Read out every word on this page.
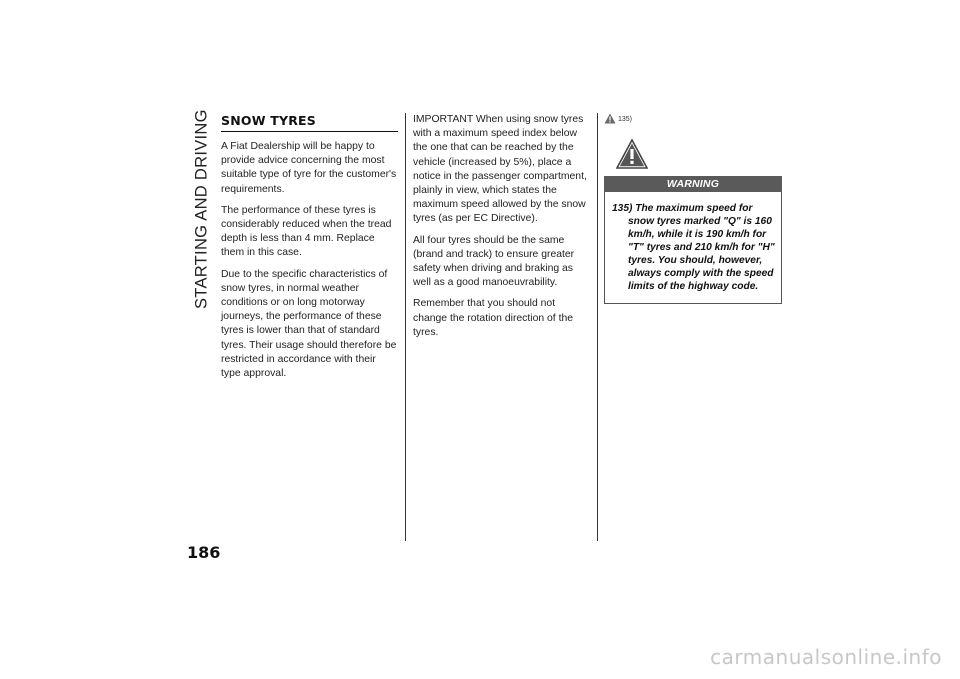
STARTING AND DRIVING SNOW TYRES

A Fiat Dealership will be happy to provide advice concerning the most suitable type of tyre for the customer's requirements.

The performance of these tyres is considerably reduced when the tread depth is less than 4 mm. Replace them in this case.

Due to the specific characteristics of snow tyres, in normal weather conditions or on long motorway journeys, the performance of these tyres is lower than that of standard tyres. Their usage should therefore be restricted in accordance with their type approval.

IMPORTANT When using snow tyres with a maximum speed index below the one that can be reached by the vehicle (increased by 5%), place a notice in the passenger compartment, plainly in view, which states the maximum speed allowed by the snow tyres (as per EC Directive).

All four tyres should be the same (brand and track) to ensure greater safety when driving and braking as well as a good manoeuvrability.

Remember that you should not change the rotation direction of the tyres.

135)
WARNING

135) The maximum speed for snow tyres marked "Q" is 160 km/h, while it is 190 km/h for "T" tyres and 210 km/h for "H" tyres. You should, however, always comply with the speed limits of the highway code.

186
carmanualsonline.info
